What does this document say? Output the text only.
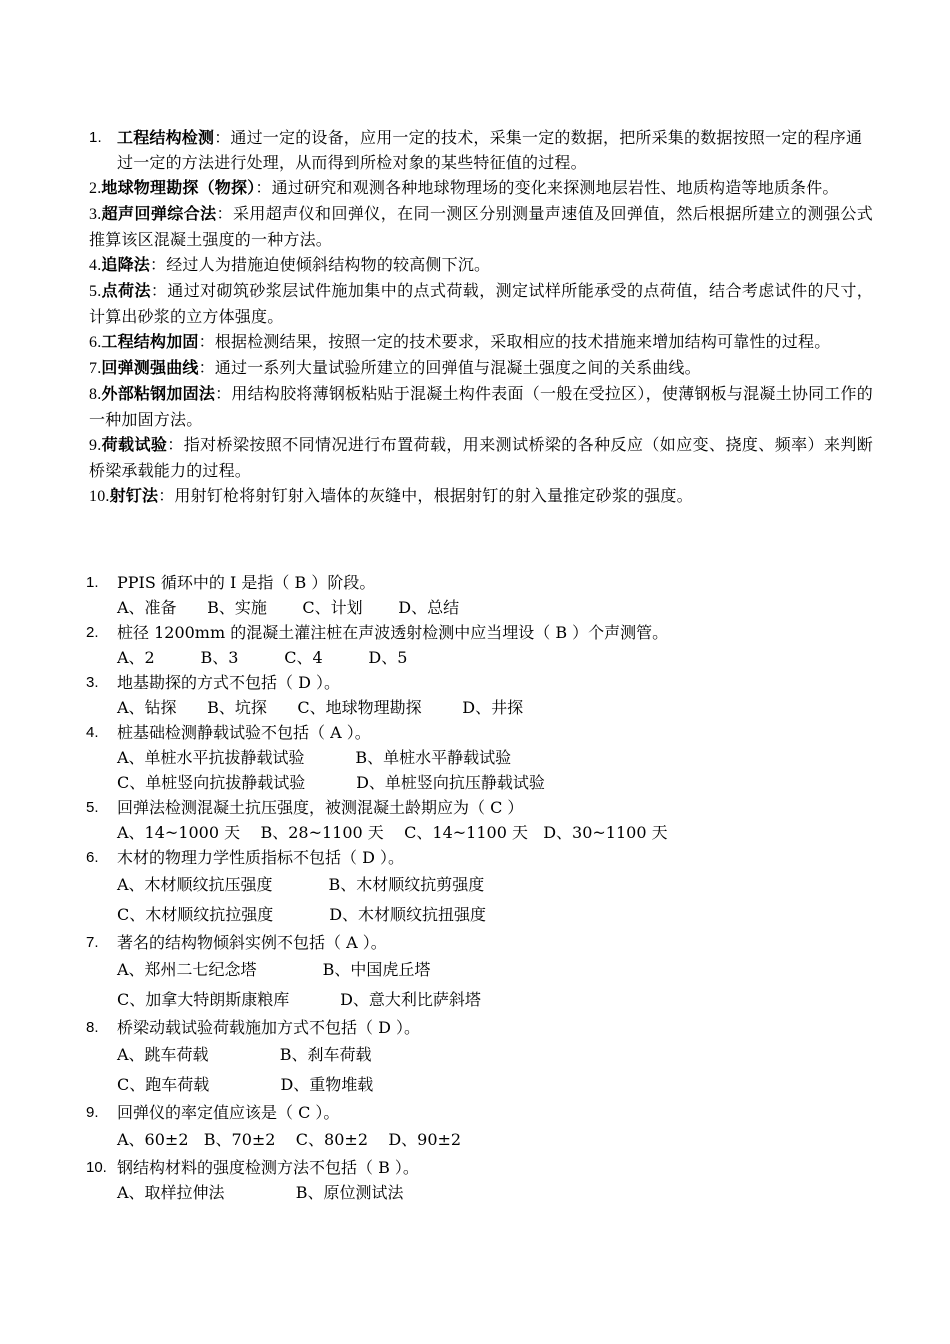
1. 工程结构检测：通过一定的设备，应用一定的技术，采集一定的数据，把所采集的数据按照一定的程序通过一定的方法进行处理，从而得到所检对象的某些特征值的过程。
2.地球物理勘探（物探）：通过研究和观测各种地球物理场的变化来探测地层岩性、地质构造等地质条件。
3.超声回弹综合法：采用超声仪和回弹仪，在同一测区分别测量声速值及回弹值，然后根据所建立的测强公式推算该区混凝土强度的一种方法。
4.追降法：经过人为措施迫使倾斜结构物的较高侧下沉。
5.点荷法：通过对砌筑砂浆层试件施加集中的点式荷载，测定试样所能承受的点荷值，结合考虑试件的尺寸，计算出砂浆的立方体强度。
6.工程结构加固：根据检测结果，按照一定的技术要求，采取相应的技术措施来增加结构可靠性的过程。
7.回弹测强曲线：通过一系列大量试验所建立的回弹值与混凝土强度之间的关系曲线。
8.外部粘钢加固法：用结构胶将薄钢板粘贴于混凝土构件表面（一般在受拉区），使薄钢板与混凝土协同工作的一种加固方法。
9.荷载试验：指对桥梁按照不同情况进行布置荷载，用来测试桥梁的各种反应（如应变、挠度、频率）来判断桥梁承载能力的过程。
10.射钉法：用射钉枪将射钉射入墙体的灰缝中，根据射钉的射入量推定砂浆的强度。
1. PPIS 循环中的 I 是指（ B ）阶段。
A、准备      B、实施       C、计划       D、总结
2. 桩径 1200mm 的混凝土灌注桩在声波透射检测中应当埋设（ B ）个声测管。
A、2         B、3         C、4         D、5
3. 地基勘探的方式不包括（ D ）。
A、钻探      B、坑探      C、地球物理勘探        D、井探
4. 桩基础检测静载试验不包括（ A ）。
A、单桩水平抗拔静载试验          B、单桩水平静载试验
C、单桩竖向抗拔静载试验          D、单桩竖向抗压静载试验
5. 回弹法检测混凝土抗压强度，被测混凝土龄期应为（ C ）
A、14~1000 天    B、28~1100 天    C、14~1100 天   D、30~1100 天
6. 木材的物理力学性质指标不包括（ D ）。
A、木材顺纹抗压强度           B、木材顺纹抗剪强度
C、木材顺纹抗拉强度           D、木材顺纹抗扭强度
7. 著名的结构物倾斜实例不包括（ A ）。
A、郑州二七纪念塔             B、中国虎丘塔
C、加拿大特朗斯康粮库          D、意大利比萨斜塔
8. 桥梁动载试验荷载施加方式不包括（ D ）。
A、跳车荷载              B、刹车荷载
C、跑车荷载              D、重物堆载
9. 回弹仪的率定值应该是（ C ）。
A、60±2   B、70±2    C、80±2    D、90±2
10. 钢结构材料的强度检测方法不包括（ B ）。
A、取样拉伸法              B、原位测试法
